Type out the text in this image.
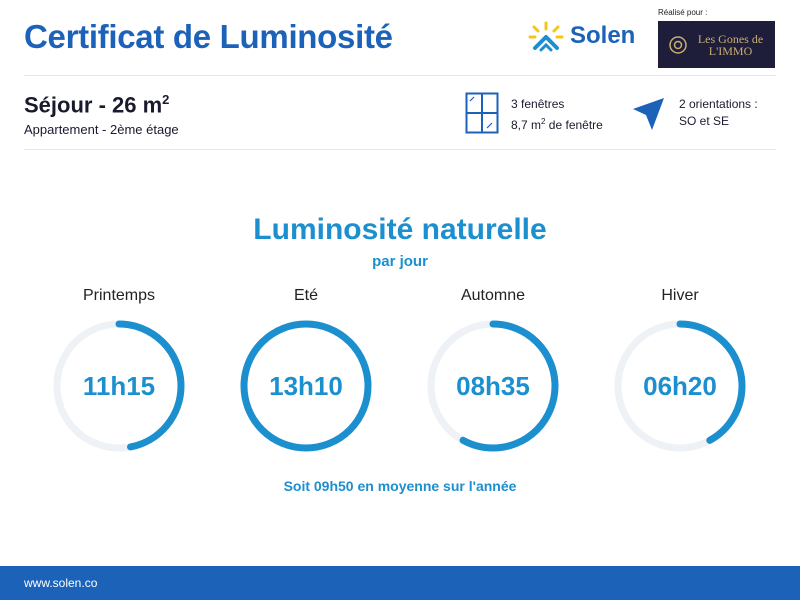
Certificat de Luminosité	Solen
Réalisé pour :
Les Gones de L'IMMO
Séjour - 26 $m^2$
Appartement - 2ème étage
3 fenêtres
8,7 $m^2$ de fenêtre
2 orientations :
SO et SE
Luminosité naturelle
par jour
Printemps
11h15
Eté
13h10
Automne
08h35
Hiver
06h20
Soit 09h50 en moyenne sur l'année
www.solen.co
